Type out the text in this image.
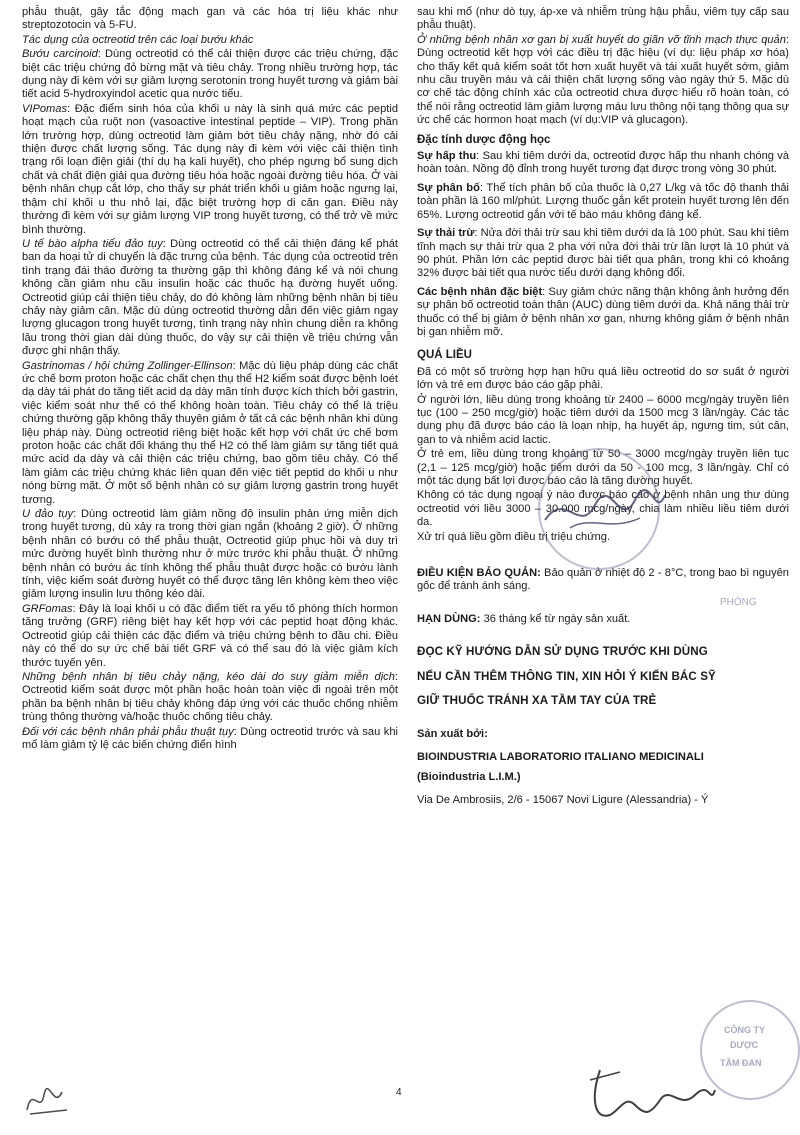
phẫu thuật, gây tắc động mạch gan và các hóa trị liệu khác như streptozotocin và 5-FU.

Tác dụng của octreotid trên các loại bướu khác

Bướu carcinoid: Dùng octreotid có thể cải thiện được các triệu chứng, đặc biệt các triệu chứng đỏ bừng mặt và tiêu chảy. Trong nhiều trường hợp, tác dụng này đi kèm với sự giảm lượng serotonin trong huyết tương và giảm bài tiết acid 5-hydroxyindol acetic qua nước tiểu.

VIPomas: Đặc điểm sinh hóa của khối u này là sinh quá mức các peptid hoạt mạch của ruột non (vasoactive intestinal peptide – VIP). Trong phần lớn trường hợp, dùng octreotid làm giảm bớt tiêu chảy nặng, nhờ đó cải thiện được chất lượng sống. Tác dụng này đi kèm với việc cải thiện tình trạng rối loạn điện giải (thí dụ hạ kali huyết), cho phép ngưng bổ sung dịch chất và chất điện giải qua đường tiêu hóa hoặc ngoài đường tiêu hóa. Ở vài bệnh nhân chụp cắt lớp, cho thấy sự phát triển khối u giảm hoặc ngưng lại, thậm chí khối u thu nhỏ lại, đặc biệt trường hợp di căn gan. Điều này thường đi kèm với sự giảm lượng VIP trong huyết tương, có thể trở về mức bình thường.

U tế bào alpha tiểu đảo tụy: Dùng octreotid có thể cải thiện đáng kể phát ban da hoại tử di chuyển là đặc trưng của bệnh. Tác dụng của octreotid trên tình trạng đái tháo đường ta thường gặp thì không đáng kể và nói chung không cần giảm nhu cầu insulin hoặc các thuốc hạ đường huyết uống. Octreotid giúp cải thiện tiêu chảy, do đó không làm những bệnh nhân bị tiêu chảy này giảm cân. Mặc dù dùng octreotid thường dẫn đến việc giảm ngay lượng glucagon trong huyết tương, tình trạng này nhìn chung diễn ra không lâu trong thời gian dài dùng thuốc, do vậy sự cải thiện về triệu chứng vẫn được ghi nhận thấy.

Gastrinomas / hội chứng Zollinger-Ellinson: Mặc dù liệu pháp dùng các chất ức chế bơm proton hoặc các chất chẹn thụ thể H2 kiểm soát được bệnh loét dạ dày tái phát do tăng tiết acid dạ dày mãn tính được kích thích bởi gastrin, việc kiểm soát như thế có thể không hoàn toàn. Tiêu chảy có thể là triệu chứng thường gặp không thấy thuyên giảm ở tất cả các bệnh nhân khi dùng liệu pháp này. Dùng octreotid riêng biệt hoặc kết hợp với chất ức chế bơm proton hoặc các chất đối kháng thụ thể H2 có thể làm giảm sự tăng tiết quá mức acid dạ dày và cải thiện các triệu chứng, bao gồm tiêu chảy. Có thể làm giảm các triệu chứng khác liên quan đến việc tiết peptid do khối u như nóng bừng mặt. Ở một số bệnh nhân có sự giảm lượng gastrin trong huyết tương.

U đảo tụy: Dùng octreotid làm giảm nồng độ insulin phản ứng miễn dịch trong huyết tương, dù xảy ra trong thời gian ngắn (khoảng 2 giờ). Ở những bệnh nhân có bướu có thể phẫu thuật, Octreotid giúp phục hồi và duy trì mức đường huyết bình thường như ở mức trước khi phẫu thuật. Ở những bệnh nhân có bướu ác tính không thể phẫu thuật được hoặc có bướu lành tính, việc kiểm soát đường huyết có thể được tăng lên không kèm theo việc giảm lượng insulin lưu thông kéo dài.

GRFomas: Đây là loại khối u có đặc điểm tiết ra yếu tố phóng thích hormon tăng trưởng (GRF) riêng biệt hay kết hợp với các peptid hoạt động khác. Octreotid giúp cải thiện các đặc điểm và triệu chứng bệnh to đầu chi. Điều này có thể do sự ức chế bài tiết GRF và có thể sau đó là việc giảm kích thước tuyến yên.

Những bệnh nhân bị tiêu chảy nặng, kéo dài do suy giảm miễn dịch: Octreotid kiểm soát được một phần hoặc hoàn toàn việc đi ngoài trên một phần ba bệnh nhân bị tiêu chảy không đáp ứng với các thuốc chống nhiễm trùng thông thường và/hoặc thuốc chống tiêu chảy.

Đối với các bệnh nhân phải phẫu thuật tụy: Dùng octreotid trước và sau khi mổ làm giảm tỷ lệ các biến chứng điển hình

sau khi mổ (như dò tụy, áp-xe và nhiễm trùng hậu phẫu, viêm tụy cấp sau phẫu thuật).

Ở những bệnh nhân xơ gan bị xuất huyết do giãn vỡ tĩnh mạch thực quản: Dùng octreotid kết hợp với các điều trị đặc hiệu (ví dụ: liệu pháp xơ hóa) cho thấy kết quả kiểm soát tốt hơn xuất huyết và tái xuất huyết sớm, giảm nhu cầu truyền máu và cải thiện chất lượng sống vào ngày thứ 5. Mặc dù cơ chế tác động chính xác của octreotid chưa được hiểu rõ hoàn toàn, có thể nói rằng octreotid làm giảm lượng máu lưu thông nội tạng thông qua sự ức chế các hormon hoạt mạch (ví dụ:VIP và glucagon).

Đặc tính dược động học

Sự hấp thu: Sau khi tiêm dưới da, octreotid được hấp thu nhanh chóng và hoàn toàn. Nồng độ đỉnh trong huyết tương đạt được trong vòng 30 phút.

Sự phân bố: Thể tích phân bố của thuốc là 0,27 L/kg và tốc độ thanh thải toàn phần là 160 ml/phút. Lượng thuốc gắn kết protein huyết tương lên đến 65%. Lượng octreotid gắn với tế bào máu không đáng kể.

Sự thải trừ: Nửa đời thải trừ sau khi tiêm dưới da là 100 phút. Sau khi tiêm tĩnh mạch sự thải trừ qua 2 pha với nửa đời thải trừ lần lượt là 10 phút và 90 phút. Phần lớn các peptid được bài tiết qua phân, trong khi có khoảng 32% được bài tiết qua nước tiểu dưới dạng không đổi.

Các bệnh nhân đặc biệt: Suy giảm chức năng thận không ảnh hưởng đến sự phân bố octreotid toàn thân (AUC) dùng tiêm dưới da. Khả năng thải trừ thuốc có thể bị giảm ở bệnh nhân xơ gan, nhưng không giảm ở bệnh nhân bị gan nhiễm mỡ.

QUÁ LIỀU

Đã có một số trường hợp hạn hữu quá liều octreotid do sơ suất ở người lớn và trẻ em được báo cáo gặp phải.

Ở người lớn, liều dùng trong khoảng từ 2400 – 6000 mcg/ngày truyền liên tục (100 – 250 mcg/giờ) hoặc tiêm dưới da 1500 mcg 3 lần/ngày. Các tác dụng phụ đã được báo cáo là loạn nhịp, hạ huyết áp, ngưng tim, sút cân, gan to và nhiễm acid lactic.

Ở trẻ em, liều dùng trong khoảng từ 50 – 3000 mcg/ngày truyền liên tục (2,1 – 125 mcg/giờ) hoặc tiêm dưới da 50 - 100 mcg, 3 lần/ngày. Chỉ có một tác dụng bất lợi được báo cáo là tăng đường huyết.

Không có tác dụng ngoại ý nào được báo cáo ở bệnh nhân ung thư dùng octreotid với liều 3000 – 30.000 mcg/ngày, chia làm nhiều liều tiêm dưới da.

Xử trí quá liều gồm điều trị triệu chứng.

ĐIỀU KIỆN BẢO QUẢN: Bảo quản ở nhiệt độ 2 - 8°C, trong bao bì nguyên gốc để tránh ánh sáng.

HẠN DÙNG: 36 tháng kể từ ngày sản xuất.

ĐỌC KỸ HƯỚNG DẪN SỬ DỤNG TRƯỚC KHI DÙNG

NẾU CẦN THÊM THÔNG TIN, XIN HỎI Ý KIẾN BÁC SỸ

GIỮ THUỐC TRÁNH XA TẦM TAY CỦA TRẺ

Sản xuất bởi:

BIOINDUSTRIA LABORATORIO ITALIANO MEDICINALI

(Bioindustria L.I.M.)

Via De Ambrosiis, 2/6 - 15067 Novi Ligure (Alessandria) - Ý

4
PHÒNG
CÔNG TY
DƯỢC
TÂM ĐAN
